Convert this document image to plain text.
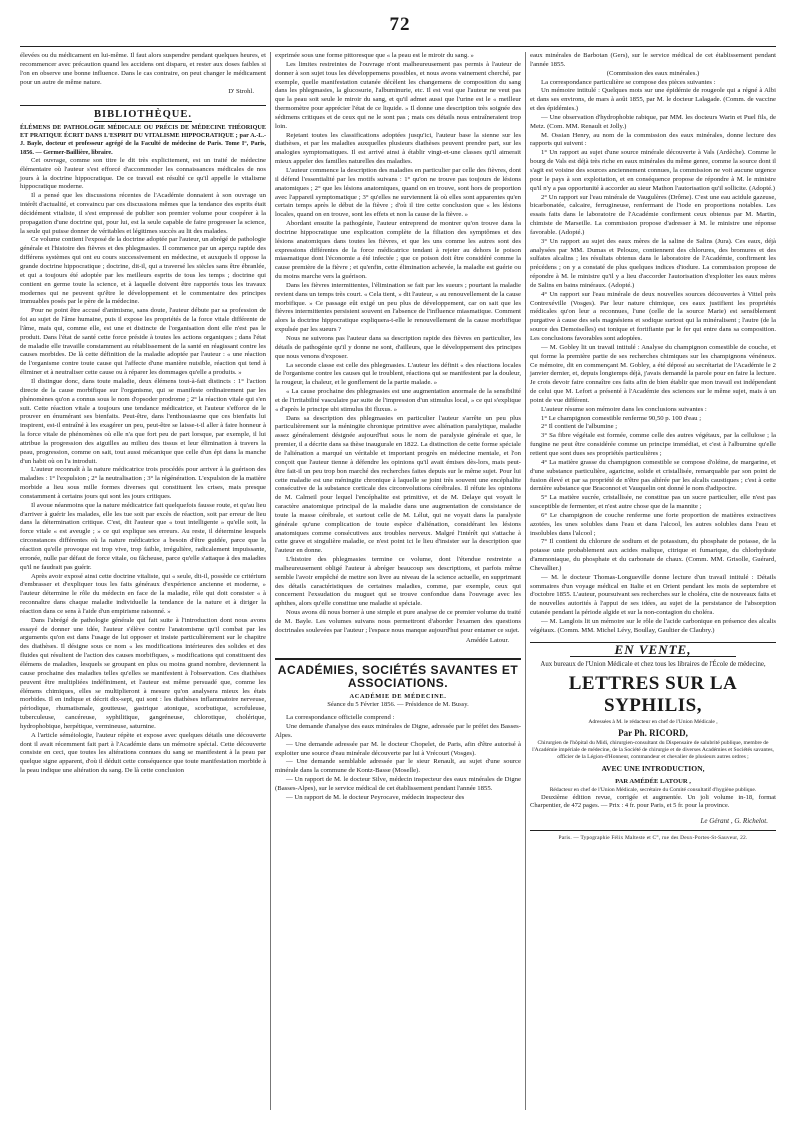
72

élevées ou du médicament en lui-même. Il faut alors suspendre pendant quelques heures, et recommencer avec précaution quand les accidens ont disparu, et rester aux doses faibles si l'on en observe une bonne influence. Dans le cas contraire, on peut changer le médicament pour un autre de même nature.

D' Strohl.

BIBLIOTHÈQUE.

ÉLÉMENS DE PATHOLOGIE MÉDICALE OU PRÉCIS DE MÉDECINE THÉORIQUE ET PRATIQUE ÉCRIT DANS L'ESPRIT DU VITALISME HIPPOCRATIQUE ; par A.-L.-J. Bayle, docteur et professeur agrégé de la Faculté de médecine de Paris. Tome I°, Paris, 1856. — Germer-Baillière, libraire.

Cet ouvrage, comme son titre le dit très explicitement, est un traité de médecine élémentaire où l'auteur s'est efforcé d'accommoder les connaissances médicales de nos jours à la doctrine hippocratique. De ce travail est résulté ce qu'il appelle le vitalisme hippocratique moderne.

Il a pensé que les discussions récentes de l'Académie donnaient à son ouvrage un intérêt d'actualité, et convaincu par ces discussions mêmes que la tendance des esprits était décidément vitaliste, il s'est empressé de publier son premier volume pour coopérer à la propagation d'une doctrine qui, pour lui, est la seule capable de faire progresser la science, la seule qui puisse donner de véritables et légitimes succès au lit des malades.

Ce volume contient l'exposé de la doctrine adoptée par l'auteur, un abrégé de pathologie générale et l'histoire des fièvres et des phlegmasies. Il commence par un aperçu rapide des différens systèmes qui ont eu cours successivement en médecine, et auxquels il oppose la grande doctrine hippocratique ; doctrine, dit-il, qui a traversé les siècles sans être ébranlée, et qui a toujours été adoptée par les meilleurs esprits de tous les temps ; doctrine qui contient en germe toute la science, et à laquelle doivent être rapportés tous les travaux modernes qui ne peuvent qu'être le développement et le commentaire des principes immuables posés par le père de la médecine.

Pour ne point être accusé d'animisme, sans doute, l'auteur débute par sa profession de foi au sujet de l'âme humaine, puis il expose les propriétés de la force vitale différente de l'âme, mais qui, comme elle, est une et distincte de l'organisation dont elle n'est pas le produit. Dans l'état de santé cette force préside à toutes les actions organiques ; dans l'état de maladie elle travaille constamment au rétablissement de la santé en réagissant contre les causes morbides. De là cette définition de la maladie adoptée par l'auteur : « une réaction de l'organisme contre toute cause qui l'affecte d'une manière nuisible, réaction qui tend à éliminer et à neutraliser cette cause ou à réparer les dommages qu'elle a produits. »

Il distingue donc, dans toute maladie, deux élémens tout-à-fait distincts : 1° l'action directe de la cause morbifique sur l'organisme, qui se manifeste ordinairement par les phénomènes qu'on a connus sous le nom d'opsoder prodrome ; 2° la réaction vitale qui s'en suit. Cette réaction vitale a toujours une tendance médicatrice, et l'auteur s'efforce de le prouver en énumérant ses bienfaits. Peut-être, dans l'enthousiasme que ces bienfaits lui inspirent, est-il entraîné à les exagérer un peu, peut-être se laisse-t-il aller à faire honneur à la force vitale de phénomènes où elle n'a que fort peu de part lorsque, par exemple, il lui attribue la progression des aiguilles au milieu des tissus et leur élimination à travers la peau, progression, comme on sait, tout aussi mécanique que celle d'un épi dans la manche d'un habit où on l'a introduit.

L'auteur reconnaît à la nature médicatrice trois procédés pour arriver à la guérison des maladies : 1° l'expulsion ; 2° la neutralisation ; 3° la régénération. L'expulsion de la matière morbide a lieu sous mille formes diverses qui constituent les crises, mais presque constamment à certains jours qui sont les jours critiques.

Il avoue néanmoins que la nature médicatrice fait quelquefois fausse route, et qu'au lieu d'arriver à guérir les malades, elle les tue soit par excès de réaction, soit par erreur de lieu dans la détermination critique. C'est, dit l'auteur que « tout intelligente » qu'elle soit, la force vitale « est aveugle ; » ce qui explique ses erreurs. Au reste, il détermine lesquels circonstances différentes où la nature médicatrice a besoin d'être guidée, parce que la réaction qu'elle provoque est trop vive, trop faible, irrégulière, radicalement impuissante, erronée, nulle par défaut de force vitale, ou fâcheuse, parce qu'elle s'attaque à des maladies qu'il ne faudrait pas guérir.

Après avoir exposé ainsi cette doctrine vitaliste, qui « seule, dit-il, possède ce critérium d'embrasser et d'expliquer tous les faits généraux d'expérience ancienne et moderne, » l'auteur détermine le rôle du médecin en face de la maladie, rôle qui doit consister « à reconnaître dans chaque maladie individuelle la tendance de la nature et à diriger la réaction dans ce sens à l'aide d'un empirisme raisonné. »

Dans l'abrégé de pathologie générale qui fait suite à l'introduction dont nous avons essayé de donner une idée, l'auteur s'élève contre l'anatomisme qu'il combat par les arguments qu'on est dans l'usage de lui opposer et insiste particulièrement sur le chapitre des diathèses. Il désigne sous ce nom « les modifications intérieures des solides et des fluides qui résultent de l'action des causes morbifiques, » modifications qui constituent des élémens de maladies, lesquels se groupant en plus ou moins grand nombre, deviennent la cause prochaine des maladies telles qu'elles se manifestent à l'observation. Ces diathèses peuvent être multipliées indéfiniment, et l'auteur est même persuadé que, comme les élémens chimiques, elles se multiplieront à mesure qu'on analysera mieux les états morbides. Il en indique et décrit dix-sept, qui sont : les diathèses inflammatoire nerveuse, périodique, rhumatismale, goutteuse, gastrique atonique, scorbutique, scrofuleuse, tuberculeuse, cancéreuse, syphilitique, gangréneuse, chlorotique, cholérique, hydrophobique, herpétique, vermineuse, saturnine.

A l'article séméiologie, l'auteur répète et expose avec quelques détails une découverte dont il avait récemment fait part à l'Académie dans un mémoire spécial. Cette découverte consiste en ceci, que toutes les altérations connues du sang se manifestent à la peau par quelque signe apparent, d'où il déduit cette conséquence que toute manifestation morbide à la peau indique une altération du sang. De là cette conclusion

exprimée sous une forme pittoresque que « la peau est le miroir du sang. »

Les limites restreintes de l'ouvrage n'ont malheureusement pas permis à l'auteur de donner à son sujet tous les développemens possibles, et nous avons vainement cherché, par exemple, quelle manifestation cutanée décèlent les changemens de composition du sang dans les phlegmasies, la glucosurie, l'albuminurie, etc. Il est vrai que l'auteur ne veut pas que la peau soit seule le miroir du sang, et qu'il admet aussi que l'urine est le « meilleur thermomètre pour apprécier l'état de ce liquide. » Il donne une description très soignée des sédimens critiques et de ceux qui ne le sont pas ; mais ces détails nous entraîneraient trop loin.

Rejetant toutes les classifications adoptées jusqu'ici, l'auteur base la sienne sur les diathèses, et par les maladies auxquelles plusieurs diathèses peuvent prendre part, sur les analogies symptomatiques. Il est arrivé ainsi à établir vingt-et-une classes qu'il aimerait mieux appeler des familles naturelles des maladies.

L'auteur commence la description des maladies en particulier par celle des fièvres, dont il défend l'essentialité par les motifs suivans : 1° qu'on ne trouve pas toujours de lésions anatomiques ; 2° que les lésions anatomiques, quand on en trouve, sont hors de proportion avec l'appareil symptomatique ; 3° qu'elles ne surviennent là où elles sont apparentes qu'en certain temps après le début de la fièvre ; d'où il tire cette conclusion que « les lésions locales, quand on en trouve, sont les effets et non la cause de la fièvre. »

Abordant ensuite la pathogénie, l'auteur entreprend de montrer qu'on trouve dans la doctrine hippocratique une explication complète de la filiation des symptômes et des lésions anatomiques dans toutes les fièvres, et que les uns comme les autres sont des expressions différentes de la force médicatrice tendant à rejeter au dehors le poison miasmatique dont l'économie a été infectée ; que ce poison doit être considéré comme la cause première de la fièvre ; et qu'enfin, cette élimination achevée, la maladie est guérie ou du moins marche vers la guérison.

Dans les fièvres intermittentes, l'élimination se fait par les sueurs ; pourtant la maladie revient dans un temps très court. « Cela tient, » dit l'auteur, « au renouvellement de la cause morbifique. » Ce passage eût exigé un peu plus de développement, car on sait que les fièvres intermittentes persistent souvent en l'absence de l'influence miasmatique. Comment alors la doctrine hippocratique expliquera-t-elle le renouvellement de la cause morbifique expulsée par les sueurs ?

Nous ne suivrons pas l'auteur dans sa description rapide des fièvres en particulier, les détails de pathogénie qu'il y donne ne sont, d'ailleurs, que le développement des principes que nous venons d'exposer.

La seconde classe est celle des phlegmasies. L'auteur les définit « des réactions locales de l'organisme contre les causes qui le troublent, réactions qui se manifestent par la douleur, la rougeur, la chaleur, et le gonflement de la partie malade. »

« La cause prochaine des phlegmasies est une augmentation anormale de la sensibilité et de l'irritabilité vasculaire par suite de l'impression d'un stimulus local, » ce qui s'explique « d'après le principe ubi stimulus ibi fluxus. »

Dans sa description des phlegmasies en particulier l'auteur s'arrête un peu plus particulièrement sur la méningite chronique primitive avec aliénation paralytique, maladie assez généralement désignée aujourd'hui sous le nom de paralysie générale et que, le premier, il a décrite dans sa thèse inaugurale en 1822. La distinction de cette forme spéciale de l'aliénation a marqué un véritable et important progrès en médecine mentale, et l'on conçoit que l'auteur tienne à défendre les opinions qu'il avait émises dès-lors, mais peut-être fait-il un peu trop bon marché des recherches faites depuis sur le même sujet. Pour lui cette maladie est une méningite chronique à laquelle se joint très souvent une encéphalite consécutive de la substance corticale des circonvolutions cérébrales. Il réfute les opinions de M. Calmeil pour lequel l'encéphalite est primitive, et de M. Delaye qui voyait le caractère anatomique principal de la maladie dans une augmentation de consistance de toute la masse cérébrale, et surtout celle de M. Lélut, qui ne voyait dans la paralysie générale qu'une complication de toute espèce d'aliénation, considérant les lésions anatomiques comme consécutives aux troubles nerveux. Malgré l'intérêt qui s'attache à cette grave et singulière maladie, ce n'est point ici le lieu d'insister sur la description que l'auteur en donne.

L'histoire des phlegmasies termine ce volume, dont l'étendue restreinte a malheureusement obligé l'auteur à abréger beaucoup ses descriptions, et parfois même semble l'avoir empêché de mettre son livre au niveau de la science actuelle, en supprimant des détails caractéristiques de certaines maladies, comme, par exemple, ceux qui concernent l'exsudation du muguet qui se trouve confondue dans l'ouvrage avec les aphthes, alors qu'elle constitue une maladie si spéciale.

Nous avons dû nous borner à une simple et pure analyse de ce premier volume du traité de M. Bayle. Les volumes suivans nous permettront d'aborder l'examen des questions doctrinales soulevées par l'auteur ; l'espace nous manque aujourd'hui pour entamer ce sujet.

Amédée Latour.

ACADÉMIES, SOCIÉTÉS SAVANTES ET ASSOCIATIONS.
ACADÉMIE DE MÉDECINE.
Séance du 5 Février 1856. — Présidence de M. Bussy.

La correspondance officielle comprend :

Une demande d'analyse des eaux minérales de Digne, adressée par le préfet des Basses-Alpes.

— Une demande adressée par M. le docteur Chopelet, de Paris, afin d'être autorisé à exploiter une source d'eau minérale découverte par lui à Vrécourt (Vosges).

— Une demande semblable adressée par le sieur Renault, au sujet d'une source minérale dans la commune de Kontz-Basse (Moselle).

— Un rapport de M. le docteur Silve, médecin inspecteur des eaux minérales de Digne (Basses-Alpes), sur le service médical de cet établissement pendant l'année 1855.

— Un rapport de M. le docteur Peyrocave, médecin inspecteur des

eaux minérales de Barbotan (Gers), sur le service médical de cet établissement pendant l'année 1855.

(Commission des eaux minérales.)

La correspondance particulière se compose des pièces suivantes :

Un mémoire intitulé : Quelques mots sur une épidémie de rougeole qui a régné à Albi et dans ses environs, de mars à août 1855, par M. le docteur Lalagade. (Comm. de vaccine et des épidémies.)

— Une observation d'hydrophobie rabique, par MM. les docteurs Warin et Puel fils, de Metz. (Com. MM. Renault et Jolly.)

M. Ossian Henry, au nom de la commission des eaux minérales, donne lecture des rapports qui suivent :

1° Un rapport au sujet d'une source minérale découverte à Vals (Ardèche). Comme le bourg de Vals est déjà très riche en eaux minérales du même genre, comme la source dont il s'agit est voisine des sources anciennement connues, la commission ne voit aucune urgence pour le pays à son exploitation, et en conséquence propose de répondre à M. le ministre qu'il n'y a pas opportunité à accorder au sieur Mathon l'autorisation qu'il sollicite. (Adopté.)

2° Un rapport sur l'eau minérale de Vaugulères (Drôme). C'est une eau acidule gazeuse, bicarbonatée, calcaire, ferrugineuse, renfermant de l'iode en proportions notables. Les essais faits dans le laboratoire de l'Académie confirment ceux obtenus par M. Martin, chimiste de Marseille. La commission propose d'adresser à M. le ministre une réponse favorable. (Adopté.)

3° Un rapport au sujet des eaux mères de la saline de Salins (Jura). Ces eaux, déjà analysées par MM. Dumas et Pelouze, contiennent des chlorures, des bromures et des sulfates alcalins ; les résultats obtenus dans le laboratoire de l'Académie, confirment les précédens ; on y a constaté de plus quelques indices d'iodure. La commission propose de répondre à M. le ministre qu'il y a lieu d'accorder l'autorisation d'exploiter les eaux mères de Salins en bains minéraux. (Adopté.)

4° Un rapport sur l'eau minérale de deux nouvelles sources découvertes à Vittel près Contrexéville (Vosges). Par leur nature chimique, ces eaux justifient les propriétés médicales qu'on leur a reconnues, l'une (celle de la source Marie) est sensiblement purgative à cause des sels magnésiens et sodique surtout qui la minéralisent ; l'autre (de la source des Demoiselles) est tonique et fortifiante par le fer qui entre dans sa composition. Les conclusions favorables sont adoptées.

— M. Gobley lit un travail intitulé : Analyse du champignon comestible de couche, et qui forme la première partie de ses recherches chimiques sur les champignons vénéneux. Ce mémoire, dit en commençant M. Gobley, a été déposé au secrétariat de l'Académie le 2 janvier dernier, et, depuis longtemps déjà, j'avais demandé la parole pour en faire la lecture. Je crois devoir faire connaître ces faits afin de bien établir que mon travail est indépendant de celui que M. Lefort a présenté à l'Académie des sciences sur le même sujet, mais à un point de vue différent.

L'auteur résume son mémoire dans les conclusions suivantes :

1° Le champignon comestible renferme 90,50 p. 100 d'eau ;

2° Il contient de l'albumine ;

3° Sa fibre végétale est formée, comme celle des autres végétaux, par la cellulose ; la fungine ne peut être considérée comme un principe immédiat, et c'est à l'albumine qu'elle retient que sont dues ses propriétés particulières ;

4° La matière grasse du champignon comestible se compose d'oléine, de margarine, et d'une substance particulière, agaricine, solide et cristallisée, remarquable par son point de fusion élevé et par sa propriété de n'être pas altérée par les alcalis caustiques ; c'est à cette dernière substance que Braconnot et Vauquelin ont donné le nom d'adipocire.

5° La matière sucrée, cristallisée, ne constitue pas un sucre particulier, elle n'est pas susceptible de fermenter, et n'est autre chose que de la mannite ;

6° Le champignon de couche renferme une forte proportion de matières extractives azotées, les unes solubles dans l'eau et dans l'alcool, les autres solubles dans l'eau et insolubles dans l'alcool ;

7° Il contient du chlorure de sodium et de potassium, du phosphate de potasse, de la potasse unie probablement aux acides malique, citrique et fumarique, du chlorhydrate d'ammoniaque, du phosphate et du carbonate de chaux. (Comm. MM. Grisolle, Guérard, Chevallier.)

— M. le docteur Thomas-Longueville donne lecture d'un travail intitulé : Détails sommaires d'un voyage médical en Italie et en Orient pendant les mois de septembre et d'octobre 1855. L'auteur, poursuivant ses recherches sur le choléra, cite de nouveaux faits et de nouvelles autorités à l'appui de ses idées, au sujet de la persistance de l'absorption cutanée pendant la période algide et sur la non-contagion du choléra.

— M. Langlois lit un mémoire sur le rôle de l'acide carbonique en présence des alcalis végétaux. (Comm. MM. Michel Lévy, Boullay, Gaultier de Claubry.)

EN VENTE,
Aux bureaux de l'Union Médicale et chez tous les libraires de l'École de médecine,
LETTRES SUR LA SYPHILIS,
Adressées à M. le rédacteur en chef de l'Union Médicale ,
Par Ph. RICORD,
Chirurgien de l'hôpital du Midi, chirurgien-consultant du Dispensaire de salubrité publique, membre de l'Académie impériale de médecine, de la Société de chirurgie et de diverses Académies et Sociétés savantes, officier de la Légion-d'Honneur, commandeur et chevalier de plusieurs autres ordres ;
AVEC UNE INTRODUCTION,
PAR AMÉDÉE LATOUR ,
Rédacteur en chef de l'Union Médicale, secrétaire du Comité consultatif d'hygiène publique.

Deuxième édition revue, corrigée et augmentée. Un joli volume in-18, format Charpentier, de 472 pages. — Prix : 4 fr. pour Paris, et 5 fr. pour la province.

Le Gérant , G. Richelot.
Paris. — Typographie Félix Malteste et C°, rue des Deux-Portes-St-Sauveur, 22.
